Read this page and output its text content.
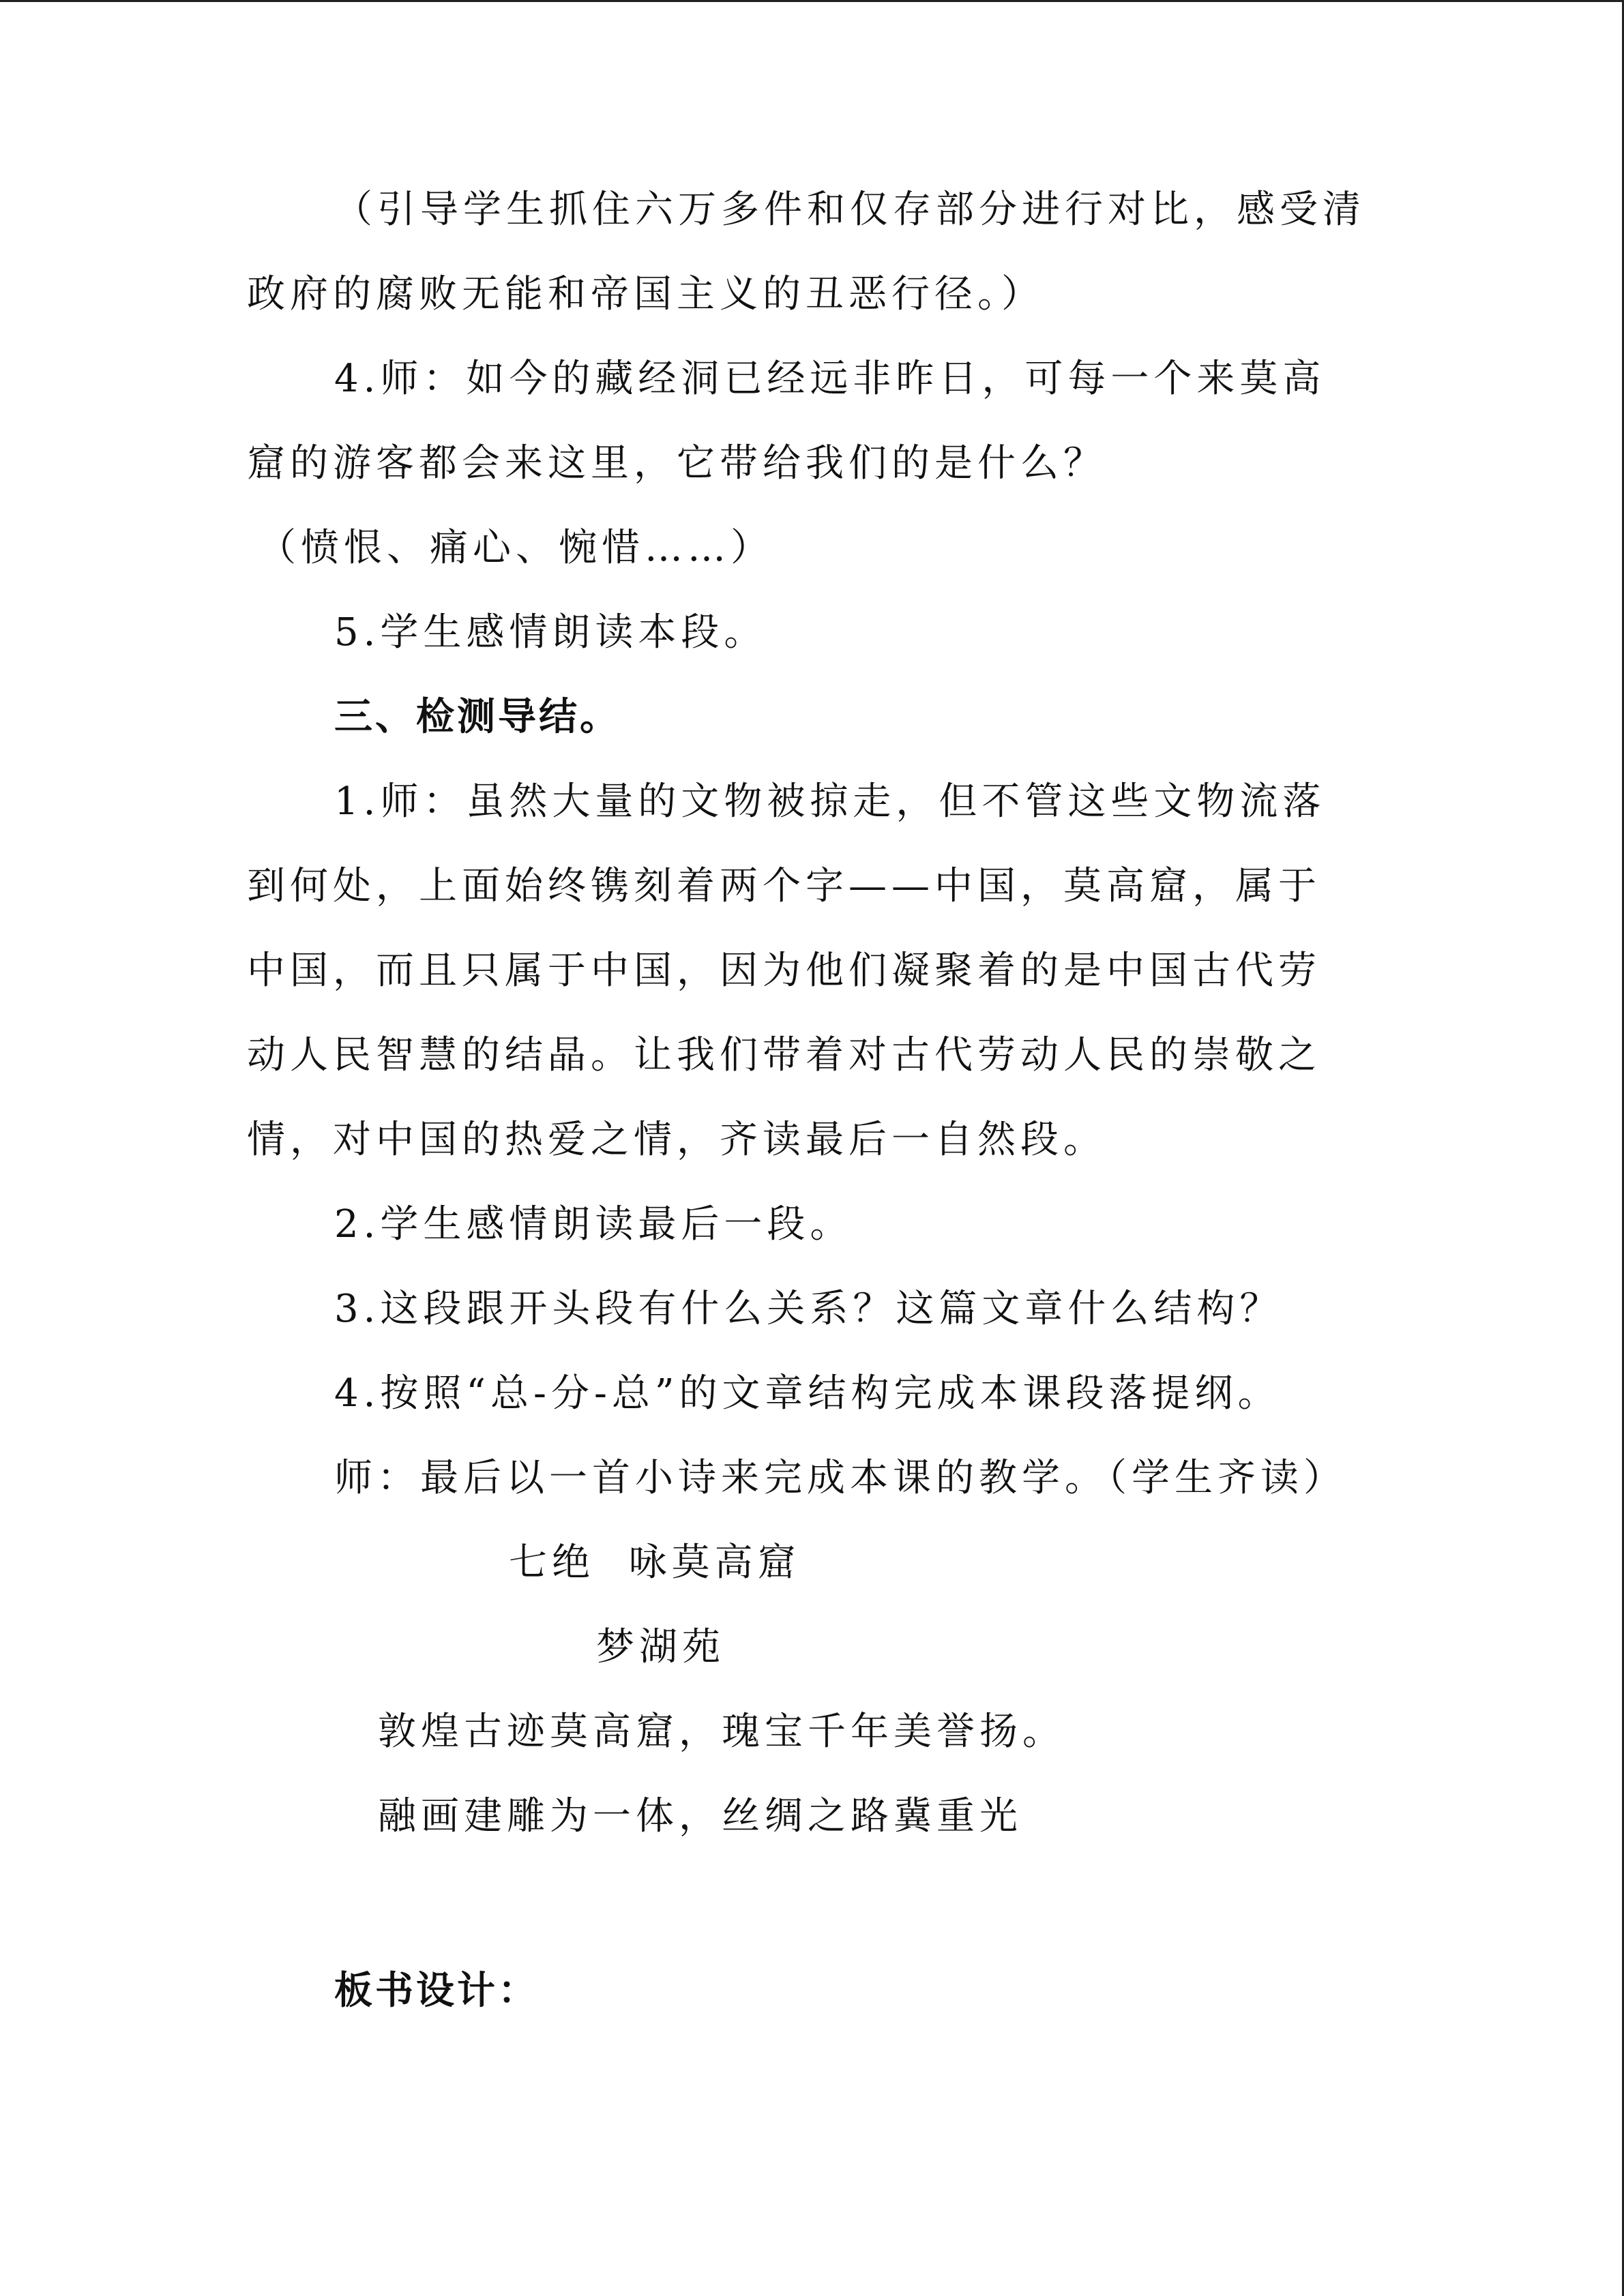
（引导学生抓住六万多件和仅存部分进行对比，感受清
政府的腐败无能和帝国主义的丑恶行径。）
4.师：如今的藏经洞已经远非昨日，可每一个来莫高
窟的游客都会来这里，它带给我们的是什么？
（愤恨、痛心、惋惜……）
5.学生感情朗读本段。
三、检测导结。
1.师：虽然大量的文物被掠走，但不管这些文物流落
到何处，上面始终镌刻着两个字——中国，莫高窟，属于
中国，而且只属于中国，因为他们凝聚着的是中国古代劳
动人民智慧的结晶。让我们带着对古代劳动人民的崇敬之
情，对中国的热爱之情，齐读最后一自然段。
2.学生感情朗读最后一段。
3.这段跟开头段有什么关系？这篇文章什么结构？
4.按照“总-分-总”的文章结构完成本课段落提纲。
师：最后以一首小诗来完成本课的教学。（学生齐读）
七绝  咏莫高窟
梦湖苑
敦煌古迹莫高窟，瑰宝千年美誉扬。
融画建雕为一体，丝绸之路冀重光
板书设计：
